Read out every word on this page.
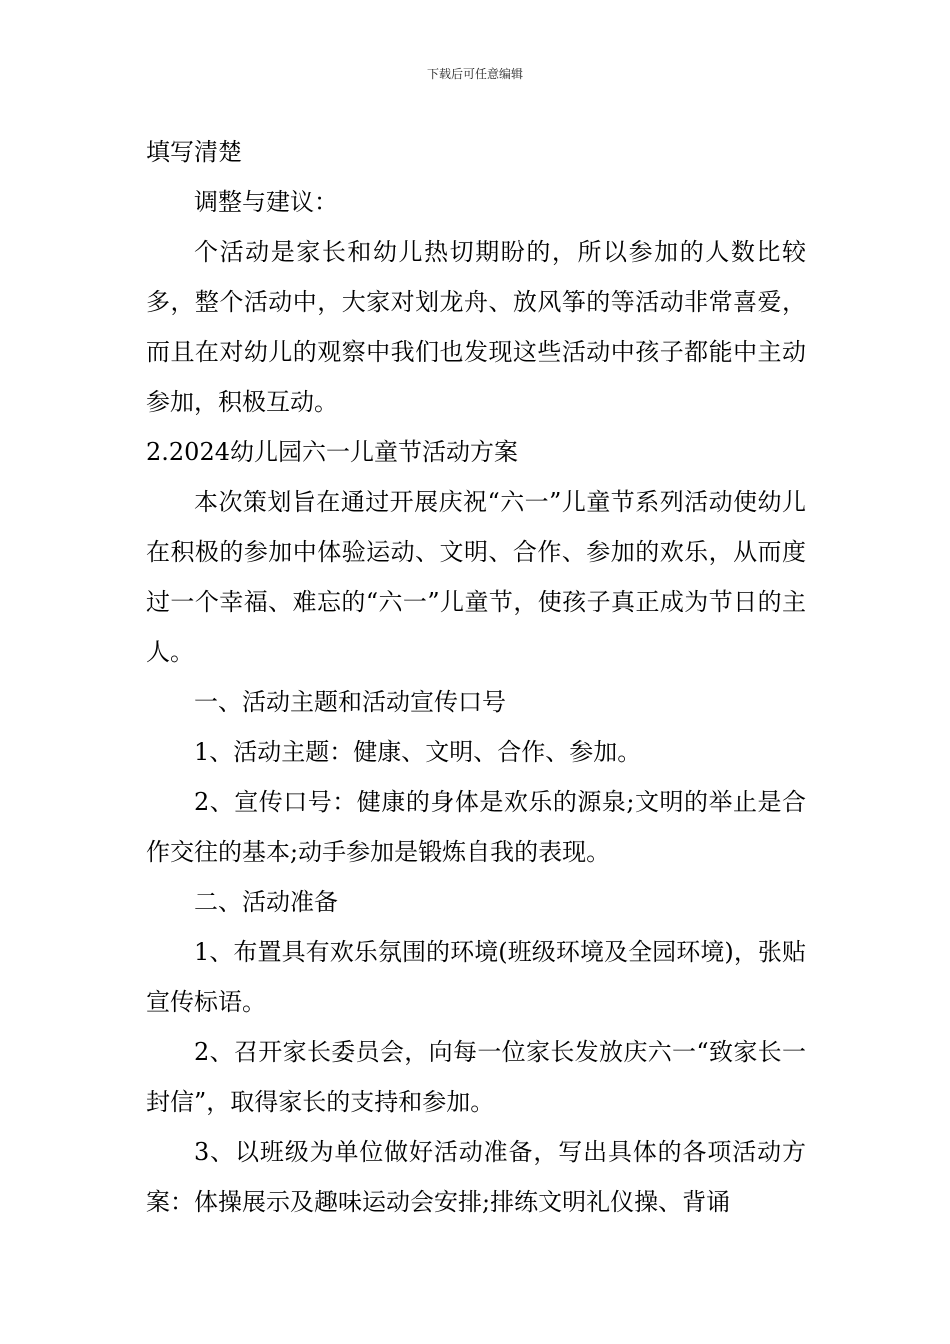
下载后可任意编辑

填写清楚

调整与建议：

个活动是家长和幼儿热切期盼的，所以参加的人数比较多，整个活动中，大家对划龙舟、放风筝的等活动非常喜爱，而且在对幼儿的观察中我们也发现这些活动中孩子都能中主动参加，积极互动。

2.2024幼儿园六一儿童节活动方案

本次策划旨在通过开展庆祝“六一”儿童节系列活动使幼儿在积极的参加中体验运动、文明、合作、参加的欢乐，从而度过一个幸福、难忘的“六一”儿童节，使孩子真正成为节日的主人。

一、活动主题和活动宣传口号

1、活动主题：健康、文明、合作、参加。

2、宣传口号：健康的身体是欢乐的源泉;文明的举止是合作交往的基本;动手参加是锻炼自我的表现。

二、活动准备

1、布置具有欢乐氛围的环境(班级环境及全园环境)，张贴宣传标语。

2、召开家长委员会，向每一位家长发放庆六一“致家长一封信”，取得家长的支持和参加。

3、以班级为单位做好活动准备，写出具体的各项活动方案：体操展示及趣味运动会安排;排练文明礼仪操、背诵
